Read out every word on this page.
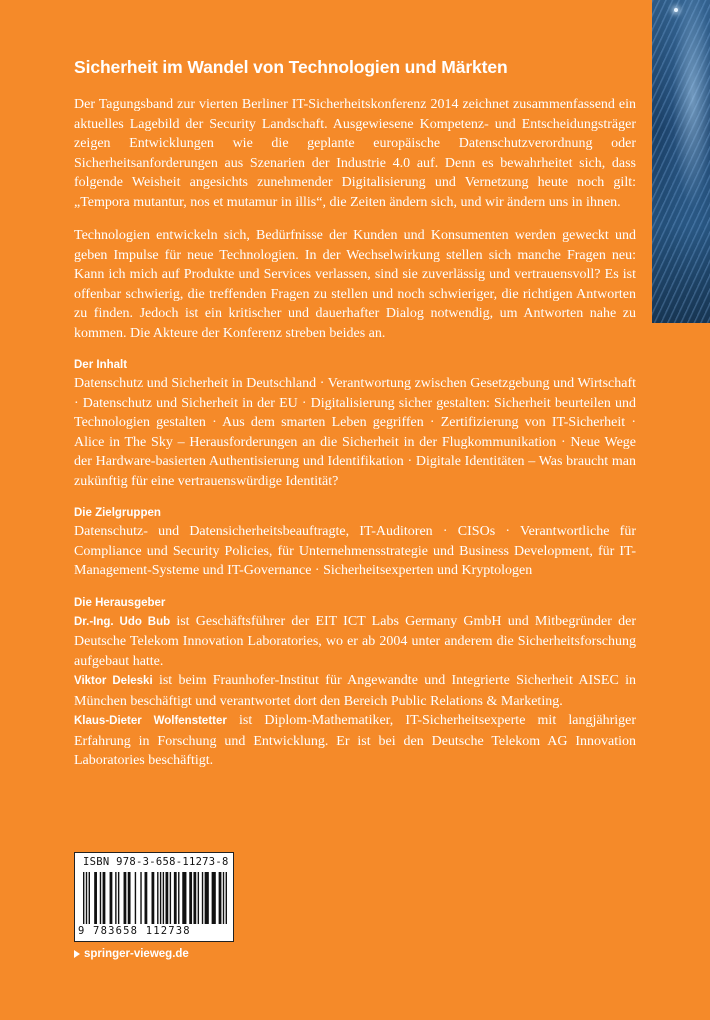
Sicherheit im Wandel von Technologien und Märkten

Der Tagungsband zur vierten Berliner IT-Sicherheitskonferenz 2014 zeichnet zusammenfassend ein aktuelles Lagebild der Security Landschaft. Ausgewiesene Kompetenz- und Entscheidungsträger zeigen Entwicklungen wie die geplante europäische Datenschutzverordnung oder Sicherheitsanforderungen aus Szenarien der Industrie 4.0 auf. Denn es bewahrheitet sich, dass folgende Weisheit angesichts zunehmender Digitalisierung und Vernetzung heute noch gilt: „Tempora mutantur, nos et mutamur in illis“, die Zeiten ändern sich, und wir ändern uns in ihnen.

Technologien entwickeln sich, Bedürfnisse der Kunden und Konsumenten werden geweckt und geben Impulse für neue Technologien. In der Wechselwirkung stellen sich manche Fragen neu: Kann ich mich auf Produkte und Services verlassen, sind sie zuverlässig und vertrauensvoll? Es ist offenbar schwierig, die treffenden Fragen zu stellen und noch schwieriger, die richtigen Antworten zu finden. Jedoch ist ein kritischer und dauerhafter Dialog notwendig, um Antworten nahe zu kommen. Die Akteure der Konferenz streben beides an.

Der Inhalt

Datenschutz und Sicherheit in Deutschland · Verantwortung zwischen Gesetzgebung und Wirtschaft · Datenschutz und Sicherheit in der EU · Digitalisierung sicher gestalten: Sicherheit beurteilen und Technologien gestalten · Aus dem smarten Leben gegriffen · Zertifizierung von IT-Sicherheit · Alice in The Sky – Herausforderungen an die Sicherheit in der Flugkommunikation · Neue Wege der Hardware-basierten Authentisierung und Identifikation · Digitale Identitäten – Was braucht man zukünftig für eine vertrauenswürdige Identität?

Die Zielgruppen

Datenschutz- und Datensicherheitsbeauftragte, IT-Auditoren · CISOs · Verantwortliche für Compliance und Security Policies, für Unternehmensstrategie und Business Development, für IT-Management-Systeme und IT-Governance · Sicherheitsexperten und Kryptologen

Die Herausgeber

Dr.-Ing. Udo Bub ist Geschäftsführer der EIT ICT Labs Germany GmbH und Mitbegründer der Deutsche Telekom Innovation Laboratories, wo er ab 2004 unter anderem die Sicherheitsforschung aufgebaut hatte.

Viktor Deleski ist beim Fraunhofer-Institut für Angewandte und Integrierte Sicherheit AISEC in München beschäftigt und verantwortet dort den Bereich Public Relations & Marketing.

Klaus-Dieter Wolfenstetter ist Diplom-Mathematiker, IT-Sicherheitsexperte mit langjähriger Erfahrung in Forschung und Entwicklung. Er ist bei den Deutsche Telekom AG Innovation Laboratories beschäftigt.

ISBN 978-3-658-11273-8
9 783658 112738
springer-vieweg.de
